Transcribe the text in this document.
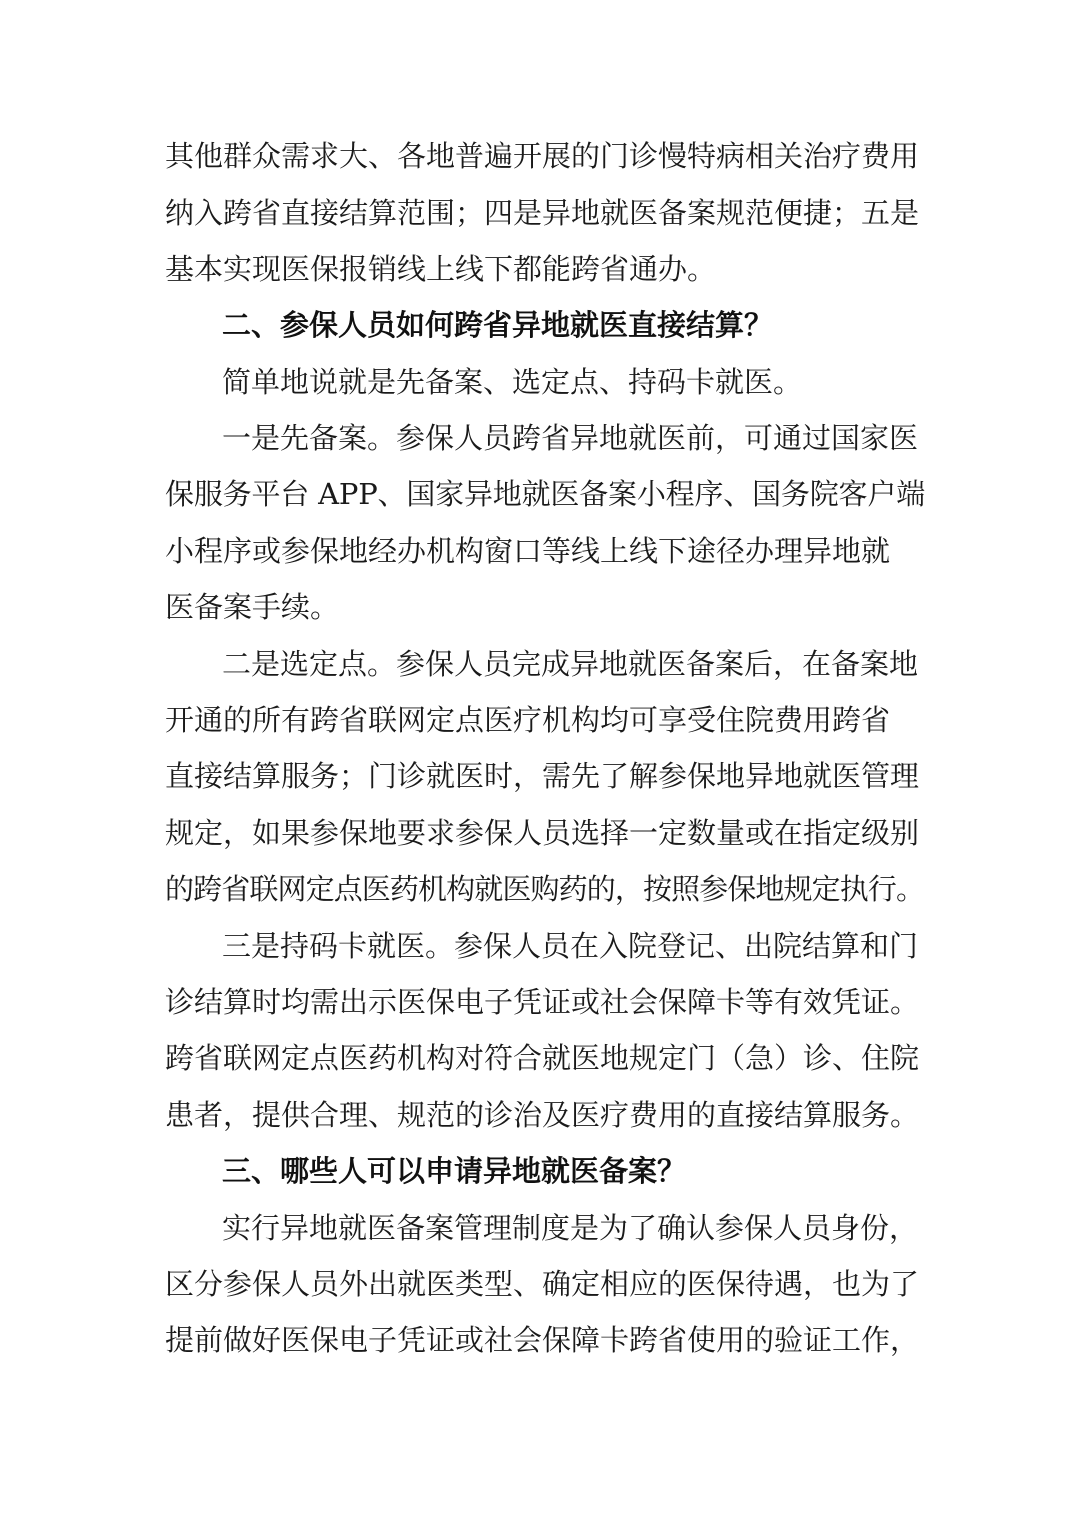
其他群众需求大、各地普遍开展的门诊慢特病相关治疗费用
纳入跨省直接结算范围；四是异地就医备案规范便捷；五是
基本实现医保报销线上线下都能跨省通办。
二、参保人员如何跨省异地就医直接结算？
简单地说就是先备案、选定点、持码卡就医。
一是先备案。参保人员跨省异地就医前，可通过国家医
保服务平台 APP、国家异地就医备案小程序、国务院客户端
小程序或参保地经办机构窗口等线上线下途径办理异地就
医备案手续。
二是选定点。参保人员完成异地就医备案后，在备案地
开通的所有跨省联网定点医疗机构均可享受住院费用跨省
直接结算服务；门诊就医时，需先了解参保地异地就医管理
规定，如果参保地要求参保人员选择一定数量或在指定级别
的跨省联网定点医药机构就医购药的，按照参保地规定执行。
三是持码卡就医。参保人员在入院登记、出院结算和门
诊结算时均需出示医保电子凭证或社会保障卡等有效凭证。
跨省联网定点医药机构对符合就医地规定门（急）诊、住院
患者，提供合理、规范的诊治及医疗费用的直接结算服务。
三、哪些人可以申请异地就医备案？
实行异地就医备案管理制度是为了确认参保人员身份，
区分参保人员外出就医类型、确定相应的医保待遇，也为了
提前做好医保电子凭证或社会保障卡跨省使用的验证工作，
